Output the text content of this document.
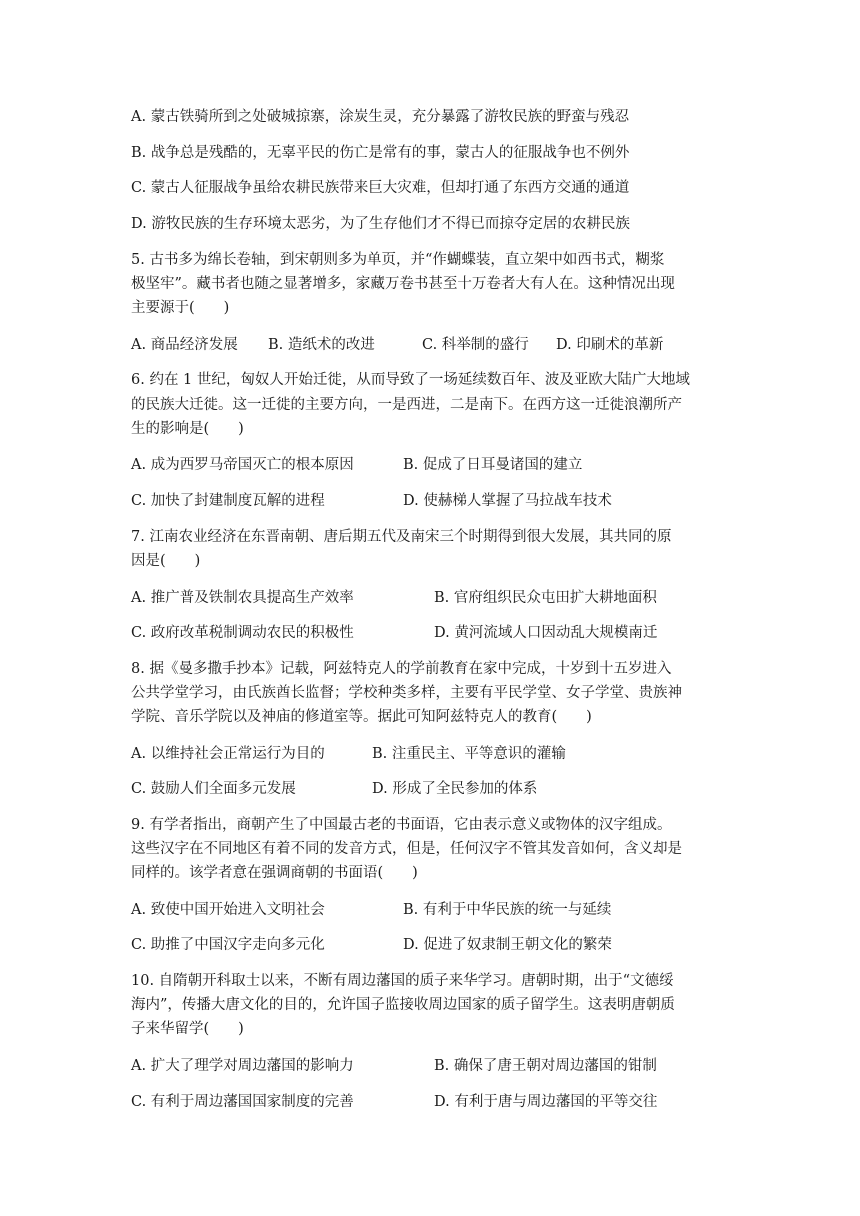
A. 蒙古铁骑所到之处破城掠寨，涂炭生灵，充分暴露了游牧民族的野蛮与残忍
B. 战争总是残酷的，无辜平民的伤亡是常有的事，蒙古人的征服战争也不例外
C. 蒙古人征服战争虽给农耕民族带来巨大灾难，但却打通了东西方交通的通道
D. 游牧民族的生存环境太恶劣，为了生存他们才不得已而掠夺定居的农耕民族
5. 古书多为绵长卷轴，到宋朝则多为单页，并“作蝴蝶装，直立架中如西书式，糊浆
极坚牢”。藏书者也随之显著增多，家藏万卷书甚至十万卷者大有人在。这种情况出现
主要源于(　　)
A. 商品经济发展 B. 造纸术的改进	C. 科举制的盛行 D. 印刷术的革新
6. 约在 1 世纪，匈奴人开始迁徙，从而导致了一场延续数百年、波及亚欧大陆广大地域
的民族大迁徙。这一迁徙的主要方向，一是西进，二是南下。在西方这一迁徙浪潮所产
生的影响是(　　)
A. 成为西罗马帝国灭亡的根本原因	B. 促成了日耳曼诸国的建立
C. 加快了封建制度瓦解的进程	D. 使赫梯人掌握了马拉战车技术
7. 江南农业经济在东晋南朝、唐后期五代及南宋三个时期得到很大发展，其共同的原
因是(　　)
A. 推广普及铁制农具提高生产效率	B. 官府组织民众屯田扩大耕地面积
C. 政府改革税制调动农民的积极性	D. 黄河流域人口因动乱大规模南迁
8. 据《曼多撒手抄本》记载，阿兹特克人的学前教育在家中完成，十岁到十五岁进入
公共学堂学习，由氏族酋长监督；学校种类多样，主要有平民学堂、女子学堂、贵族神
学院、音乐学院以及神庙的修道室等。据此可知阿兹特克人的教育(　　)
A. 以维持社会正常运行为目的	B. 注重民主、平等意识的灌输
C. 鼓励人们全面多元发展	D. 形成了全民参加的体系
9. 有学者指出，商朝产生了中国最古老的书面语，它由表示意义或物体的汉字组成。
这些汉字在不同地区有着不同的发音方式，但是，任何汉字不管其发音如何，含义却是
同样的。该学者意在强调商朝的书面语(　　)
A. 致使中国开始进入文明社会	B. 有利于中华民族的统一与延续
C. 助推了中国汉字走向多元化	D. 促进了奴隶制王朝文化的繁荣
10. 自隋朝开科取士以来，不断有周边藩国的质子来华学习。唐朝时期，出于“文德绥
海内”，传播大唐文化的目的，允许国子监接收周边国家的质子留学生。这表明唐朝质
子来华留学(　　)
A. 扩大了理学对周边藩国的影响力	B. 确保了唐王朝对周边藩国的钳制
C. 有利于周边藩国国家制度的完善	D. 有利于唐与周边藩国的平等交往
